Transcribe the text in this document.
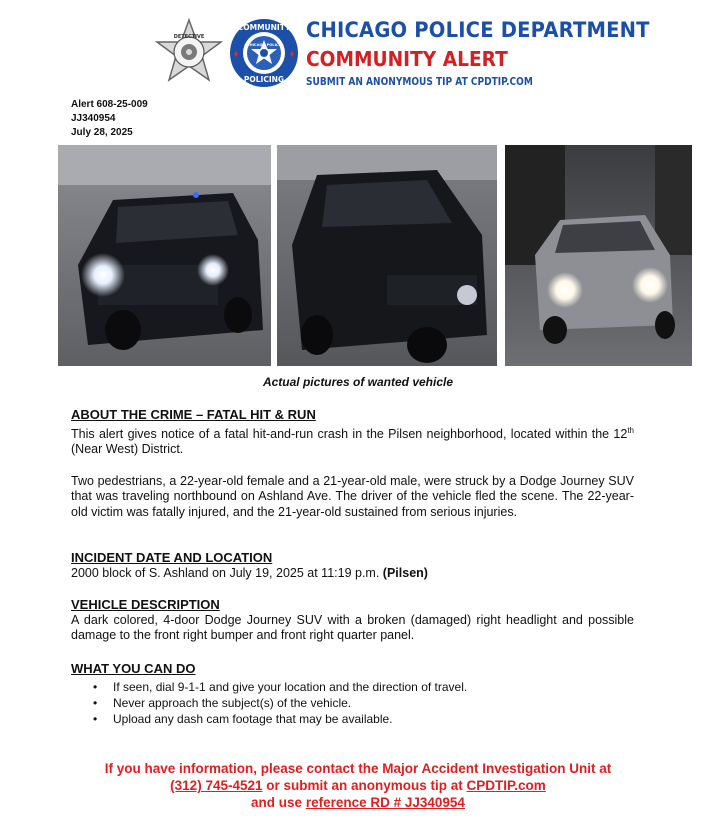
DETECTIVE
COMMUNITY
POLICING
CHICAGO POLICE
CHICAGO POLICE DEPARTMENT
COMMUNITY ALERT
SUBMIT AN ANONYMOUS TIP AT CPDTIP.COM
Alert 608-25-009
JJ340954
July 28, 2025
Actual pictures of wanted vehicle
ABOUT THE CRIME – FATAL HIT & RUN
This alert gives notice of a fatal hit-and-run crash in the Pilsen neighborhood, located within the 12th (Near West) District.
Two pedestrians, a 22-year-old female and a 21-year-old male, were struck by a Dodge Journey SUV that was traveling northbound on Ashland Ave. The driver of the vehicle fled the scene. The 22-year-old victim was fatally injured, and the 21-year-old sustained from serious injuries.
INCIDENT DATE AND LOCATION
2000 block of S. Ashland on July 19, 2025 at 11:19 p.m. (Pilsen)
VEHICLE DESCRIPTION
A dark colored, 4-door Dodge Journey SUV with a broken (damaged) right headlight and possible damage to the front right bumper and front right quarter panel.
WHAT YOU CAN DO
• If seen, dial 9-1-1 and give your location and the direction of travel.
• Never approach the subject(s) of the vehicle.
• Upload any dash cam footage that may be available.
If you have information, please contact the Major Accident Investigation Unit at
(312) 745-4521 or submit an anonymous tip at CPDTIP.com
and use reference RD # JJ340954
